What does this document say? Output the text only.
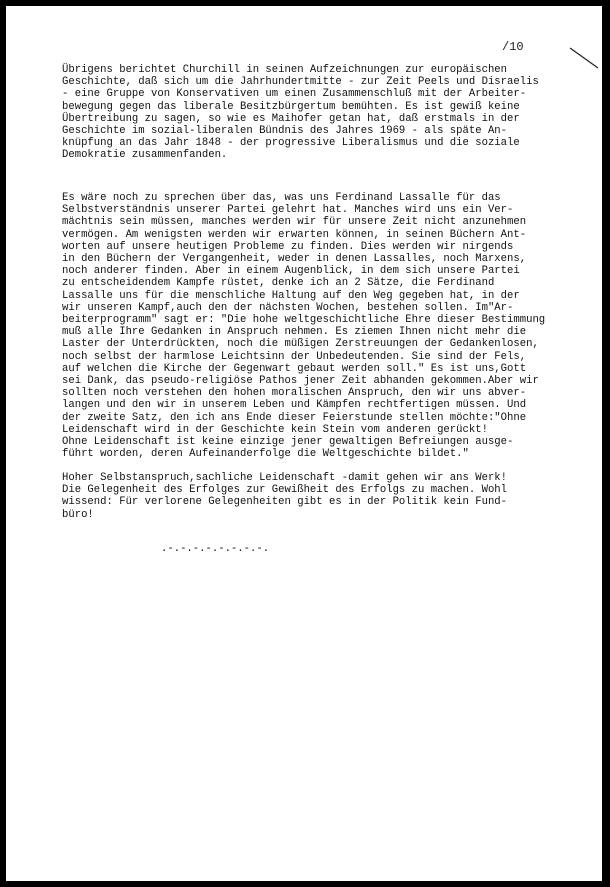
/10

Übrigens berichtet Churchill in seinen Aufzeichnungen zur europäischen
Geschichte, daß sich um die Jahrhundertmitte - zur Zeit Peels und Disraelis
- eine Gruppe von Konservativen um einen Zusammenschluß mit der Arbeiter-
bewegung gegen das liberale Besitzbürgertum bemühten. Es ist gewiß keine
Übertreibung zu sagen, so wie es Maihofer getan hat, daß erstmals in der
Geschichte im sozial-liberalen Bündnis des Jahres 1969 - als späte An-
knüpfung an das Jahr 1848 - der progressive Liberalismus und die soziale
Demokratie zusammenfanden.

Es wäre noch zu sprechen über das, was uns Ferdinand Lassalle für das
Selbstverständnis unserer Partei gelehrt hat. Manches wird uns ein Ver-
mächtnis sein müssen, manches werden wir für unsere Zeit nicht anzunehmen
vermögen. Am wenigsten werden wir erwarten können, in seinen Büchern Ant-
worten auf unsere heutigen Probleme zu finden. Dies werden wir nirgends
in den Büchern der Vergangenheit, weder in denen Lassalles, noch Marxens,
noch anderer finden. Aber in einem Augenblick, in dem sich unsere Partei
zu entscheidendem Kampfe rüstet, denke ich an 2 Sätze, die Ferdinand
Lassalle uns für die menschliche Haltung auf den Weg gegeben hat, in der
wir unseren Kampf,auch den der nächsten Wochen, bestehen sollen. Im"Ar-
beiterprogramm" sagt er: "Die hohe weltgeschichtliche Ehre dieser Bestimmung
muß alle Ihre Gedanken in Anspruch nehmen. Es ziemen Ihnen nicht mehr die
Laster der Unterdrückten, noch die müßigen Zerstreuungen der Gedankenlosen,
noch selbst der harmlose Leichtsinn der Unbedeutenden. Sie sind der Fels,
auf welchen die Kirche der Gegenwart gebaut werden soll." Es ist uns,Gott
sei Dank, das pseudo-religiöse Pathos jener Zeit abhanden gekommen.Aber wir
sollten noch verstehen den hohen moralischen Anspruch, den wir uns abver-
langen und den wir in unserem Leben und Kämpfen rechtfertigen müssen. Und
der zweite Satz, den ich ans Ende dieser Feierstunde stellen möchte:"Ohne
Leidenschaft wird in der Geschichte kein Stein vom anderen gerückt!
Ohne Leidenschaft ist keine einzige jener gewaltigen Befreiungen ausge-
führt worden, deren Aufeinanderfolge die Weltgeschichte bildet."

Hoher Selbstanspruch,sachliche Leidenschaft -damit gehen wir ans Werk!
Die Gelegenheit des Erfolges zur Gewißheit des Erfolgs zu machen. Wohl
wissend: Für verlorene Gelegenheiten gibt es in der Politik kein Fund-
büro!

.-.-.-.-.-.-.-.-.
